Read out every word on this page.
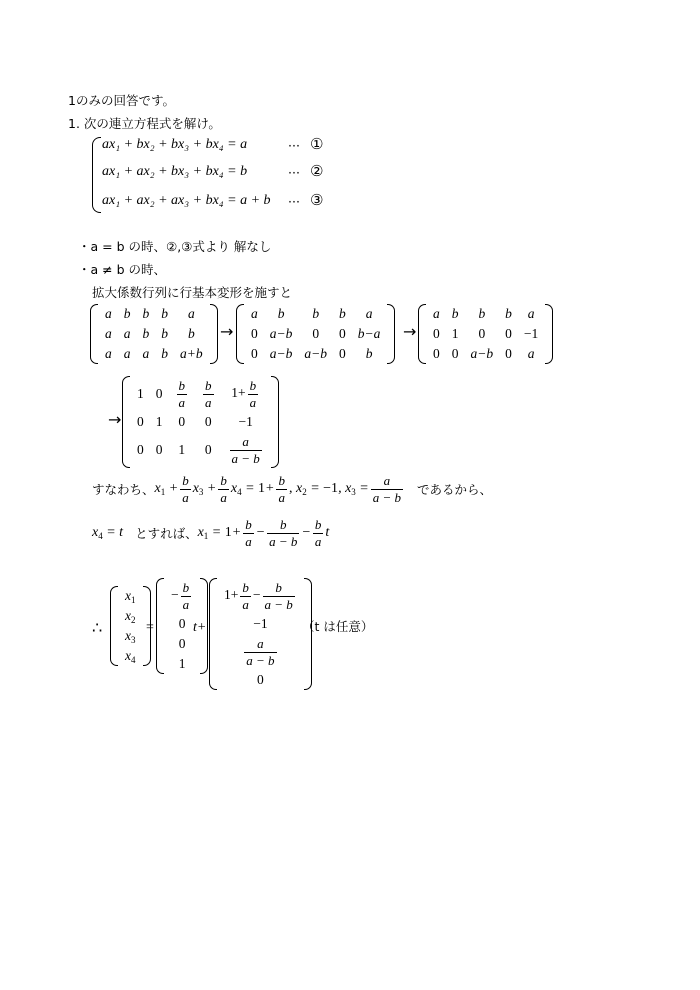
1のみの回答です。
1. 次の連立方程式を解け。
ax₁ + bx₂ + bx₃ + bx₄ = a
ax₁ + ax₂ + bx₃ + bx₄ = b
ax₁ + ax₂ + ax₃ + bx₄ = a + b
···
···
···
①
②
③
・a = b の時、②,③式より 解なし
・a ≠ b の時、
拡大係数行列に行基本変形を施すと
a	b	b	b	a
a	a	b	b	b
a	a	a	b	a+b
→
a	b	b	b	a
0	a−b	0	0	b−a
0	a−b	a−b	0	b
→
a	b	b	b	a
0	1	0	0	−1
0	0	a−b	0	a
→
1	0	$\frac{b}{a}$	$\frac{b}{a}$	$1+ \frac{b}{a}$

0	1	0	0	−1
0	0	1	0	$\frac{a}{a - b}$
すなわち、 $x_1 + \frac{b}{a} x_3 + \frac{b}{a} x_4 = 1+ \frac{b}{a}$ , $x_2 = -1$, $x_3 = \frac{a}{a - b}$ であるから、
$x_4 = t$ とすれば、 $x_1 = 1+ \frac{b}{a} - \frac{b}{a - b} - \frac{b}{a}$ t
∴
$x_1$
$x_2$
$x_3$
$x_4$
=
− $\frac{b}{a}$

0
0
1
t+
$1+ \frac{b}{a} - \frac{b}{a - b}$

−1

$\frac{a}{a - b}$

0
（t は任意）
